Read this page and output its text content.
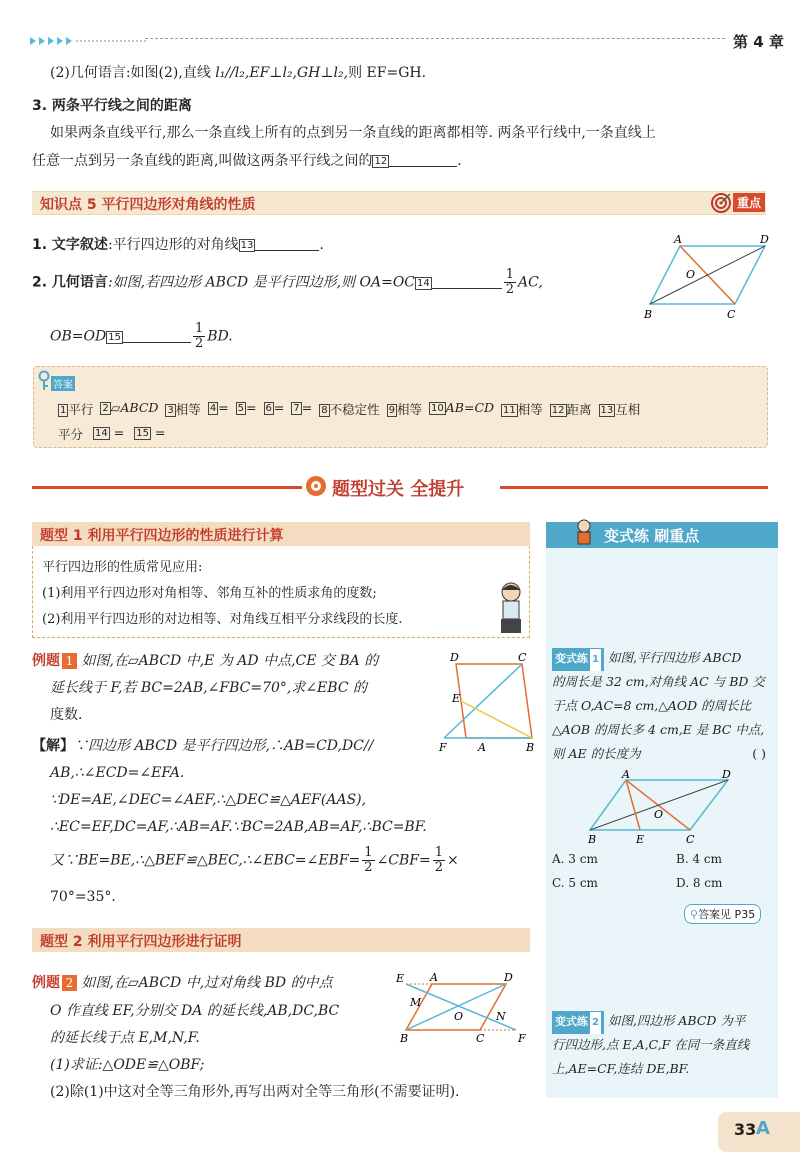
第 4 章
(2)几何语言:如图(2),直线 l₁//l₂,EF⊥l₂,GH⊥l₂,则 EF=GH.
3. 两条平行线之间的距离
如果两条直线平行,那么一条直线上所有的点到另一条直线的距离都相等. 两条平行线中,一条直线上
任意一点到另一条直线的距离,叫做这两条平行线之间的 12	.
知识点 5 平行四边形对角线的性质	重点
1. 文字叙述:平行四边形的对角线 13	.
2. 几何语言:如图,若四边形 ABCD 是平行四边形,则 OA=OC 14	$\frac{1}{2}$ AC,
OB=OD 15	$\frac{1}{2}$ BD.
A	D
O
B	C
答案
1 平行 2 ▱ABCD 3 相等 4 = 5 = 6 = 7 = 8 不稳定性 9 相等 10 AB=CD 11 相等 12 距离 13 互相
平分 14 = 15 =
题型过关 全提升
题型 1 利用平行四边形的性质进行计算
平行四边形的性质常见应用:
(1)利用平行四边形对角相等、邻角互补的性质求角的度数;
(2)利用平行四边形的对边相等、对角线互相平分求线段的长度.
例题 1 如图,在▱ABCD 中,E 为 AD 中点,CE 交 BA 的
延长线于 F,若 BC=2AB,∠FBC=70°,求∠EBC 的
度数.
【解】∵四边形 ABCD 是平行四边形,∴AB=CD,DC//
AB,∴∠ECD=∠EFA.
∵DE=AE,∠DEC=∠AEF,∴△DEC≌△AEF(AAS),
∴EC=EF,DC=AF,∴AB=AF.∵BC=2AB,AB=AF,∴BC=BF.
又∵BE=BE,∴△BEF≌△BEC,∴∠EBC=∠EBF= $\frac{1}{2}$ ∠CBF= $\frac{1}{2}$ ×
70°=35°.
D	C
E
F	A	B
题型 2 利用平行四边形进行证明
例题 2 如图,在▱ABCD 中,过对角线 BD 的中点
O 作直线 EF,分别交 DA 的延长线,AB,DC,BC
的延长线于点 E,M,N,F.
(1)求证:△ODE≌△OBF;
(2)除(1)中这对全等三角形外,再写出两对全等三角形(不需要证明).
E A	D
M
O	N
B	C	F
变式练 刷重点
变式练 1 如图,平行四边形 ABCD
的周长是 32 cm,对角线 AC 与 BD 交
于点 O,AC=8 cm,△AOD 的周长比
△AOB 的周长多 4 cm,E 是 BC 中点,
则 AE 的长度为	( )
A	D
O
B	E	C
A. 3 cm	B. 4 cm
C. 5 cm	D. 8 cm
⚲答案见 P35
变式练 2 如图,四边形 ABCD 为平
行四边形,点 E,A,C,F 在同一条直线
上,AE=CF,连结 DE,BF.
33 A
